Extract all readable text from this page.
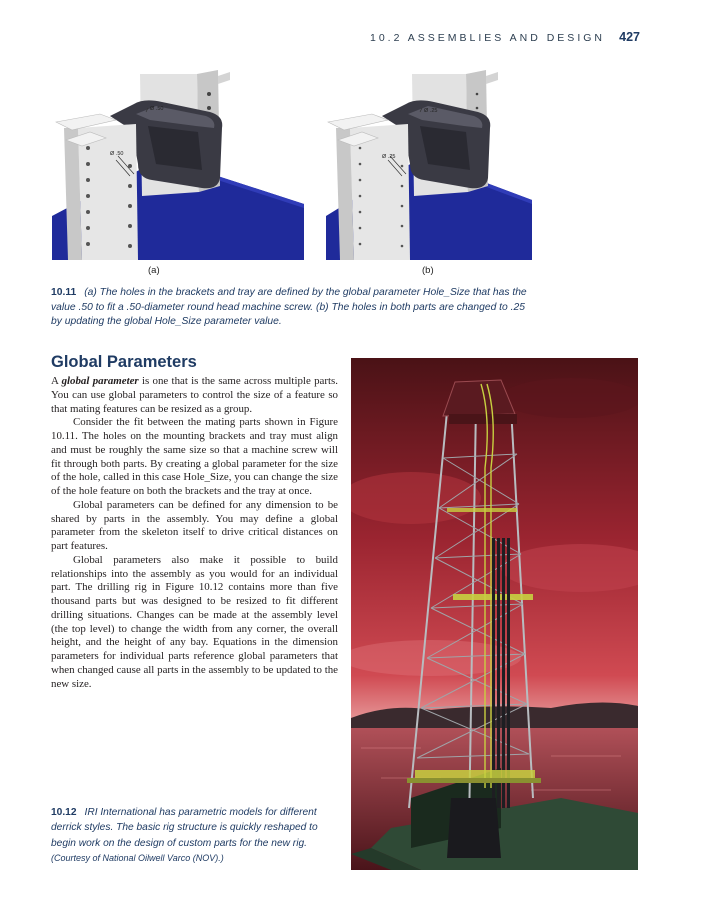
10.2 ASSEMBLIES AND DESIGN 427
Ø .50
Ø .50
(a)
Ø .25
Ø .25
(b)
10.11 (a) The holes in the brackets and tray are defined by the global parameter Hole_Size that has the value .50 to fit a .50-diameter round head machine screw. (b) The holes in both parts are changed to .25 by updating the global Hole_Size parameter value.
Global Parameters

A global parameter is one that is the same across multiple parts. You can use global parameters to control the size of a feature so that mating features can be resized as a group.

Consider the fit between the mating parts shown in Figure 10.11. The holes on the mounting brackets and tray must align and must be roughly the same size so that a machine screw will fit through both parts. By creating a global parameter for the size of the hole, called in this case Hole_Size, you can change the size of the hole feature on both the brackets and the tray at once.

Global parameters can be defined for any dimension to be shared by parts in the assembly. You may define a global parameter from the skeleton itself to drive critical distances on part features.

Global parameters also make it possible to build relationships into the assembly as you would for an individual part. The drilling rig in Figure 10.12 contains more than five thousand parts but was designed to be resized to fit different drilling situations. Changes can be made at the assembly level (the top level) to change the width from any corner, the overall height, and the height of any bay. Equations in the dimension parameters for individual parts reference global parameters that when changed cause all parts in the assembly to be updated to the new size.

10.12 IRI International has parametric models for different derrick styles. The basic rig structure is quickly reshaped to begin work on the design of custom parts for the new rig. (Courtesy of National Oilwell Varco (NOV).)
